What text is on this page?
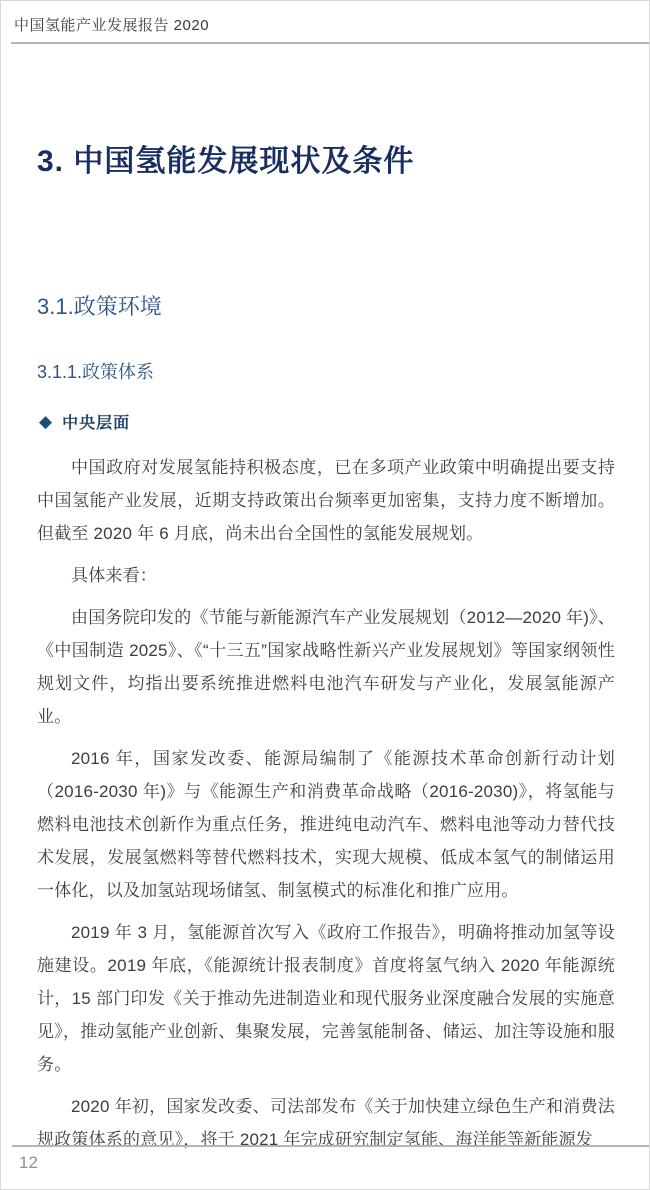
中国氢能产业发展报告 2020
3. 中国氢能发展现状及条件
3.1.政策环境
3.1.1.政策体系
◆ 中央层面

中国政府对发展氢能持积极态度，已在多项产业政策中明确提出要支持中国氢能产业发展，近期支持政策出台频率更加密集，支持力度不断增加。但截至 2020 年 6 月底，尚未出台全国性的氢能发展规划。

具体来看：

由国务院印发的《节能与新能源汽车产业发展规划（2012—2020 年)》、《中国制造 2025》、《“十三五”国家战略性新兴产业发展规划》等国家纲领性规划文件，均指出要系统推进燃料电池汽车研发与产业化，发展氢能源产业。

2016 年，国家发改委、能源局编制了《能源技术革命创新行动计划（2016-2030 年)》与《能源生产和消费革命战略（2016-2030)》，将氢能与燃料电池技术创新作为重点任务，推进纯电动汽车、燃料电池等动力替代技术发展，发展氢燃料等替代燃料技术，实现大规模、低成本氢气的制储运用一体化，以及加氢站现场储氢、制氢模式的标准化和推广应用。

2019 年 3 月，氢能源首次写入《政府工作报告》，明确将推动加氢等设施建设。2019 年底，《能源统计报表制度》首度将氢气纳入 2020 年能源统计，15 部门印发《关于推动先进制造业和现代服务业深度融合发展的实施意见》，推动氢能产业创新、集聚发展，完善氢能制备、储运、加注等设施和服务。

2020 年初，国家发改委、司法部发布《关于加快建立绿色生产和消费法规政策体系的意见》，将于 2021 年完成研究制定氢能、海洋能等新能源发

12
